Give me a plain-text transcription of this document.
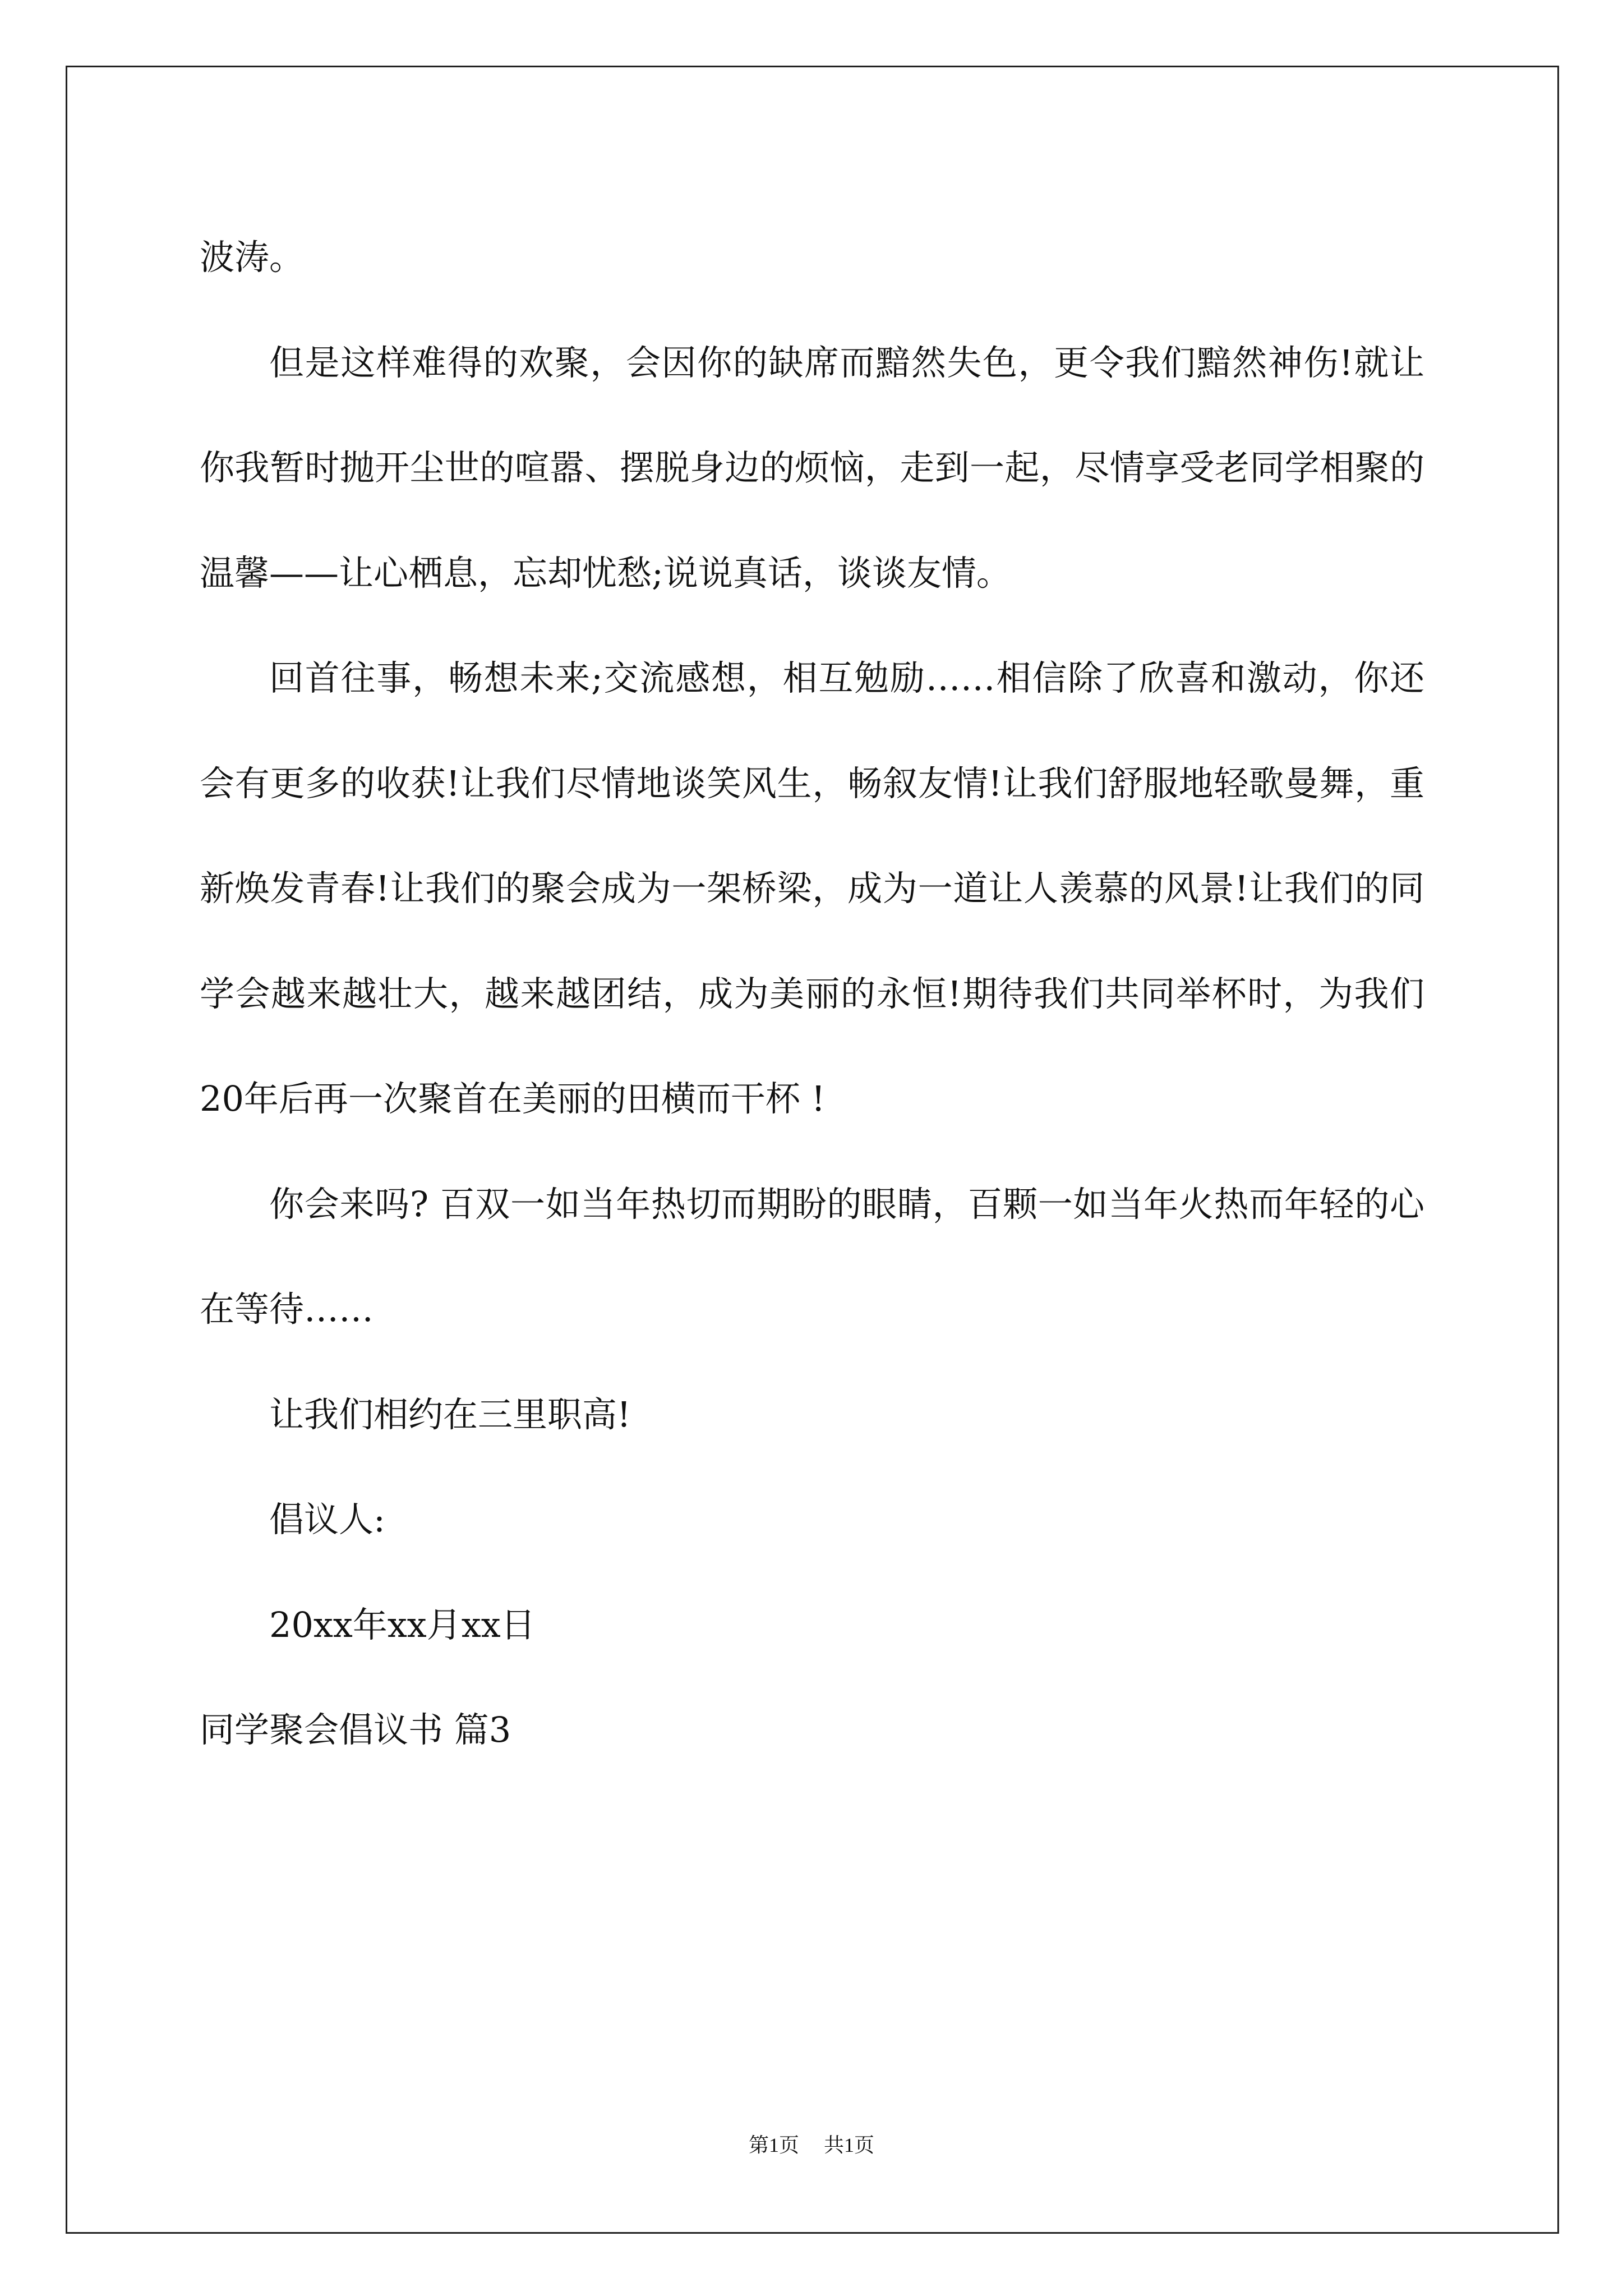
波涛。

但是这样难得的欢聚，会因你的缺席而黯然失色，更令我们黯然神伤!就让你我暂时抛开尘世的喧嚣、摆脱身边的烦恼，走到一起，尽情享受老同学相聚的温馨——让心栖息，忘却忧愁;说说真话，谈谈友情。

回首往事，畅想未来;交流感想，相互勉励……相信除了欣喜和激动，你还会有更多的收获!让我们尽情地谈笑风生，畅叙友情!让我们舒服地轻歌曼舞，重新焕发青春!让我们的聚会成为一架桥梁，成为一道让人羡慕的风景!让我们的同学会越来越壮大，越来越团结，成为美丽的永恒!期待我们共同举杯时，为我们20年后再一次聚首在美丽的田横而干杯 !

你会来吗? 百双一如当年热切而期盼的眼睛，百颗一如当年火热而年轻的心在等待……

让我们相约在三里职高!

倡议人:

20xx年xx月xx日

同学聚会倡议书 篇3

第1页 共1页
